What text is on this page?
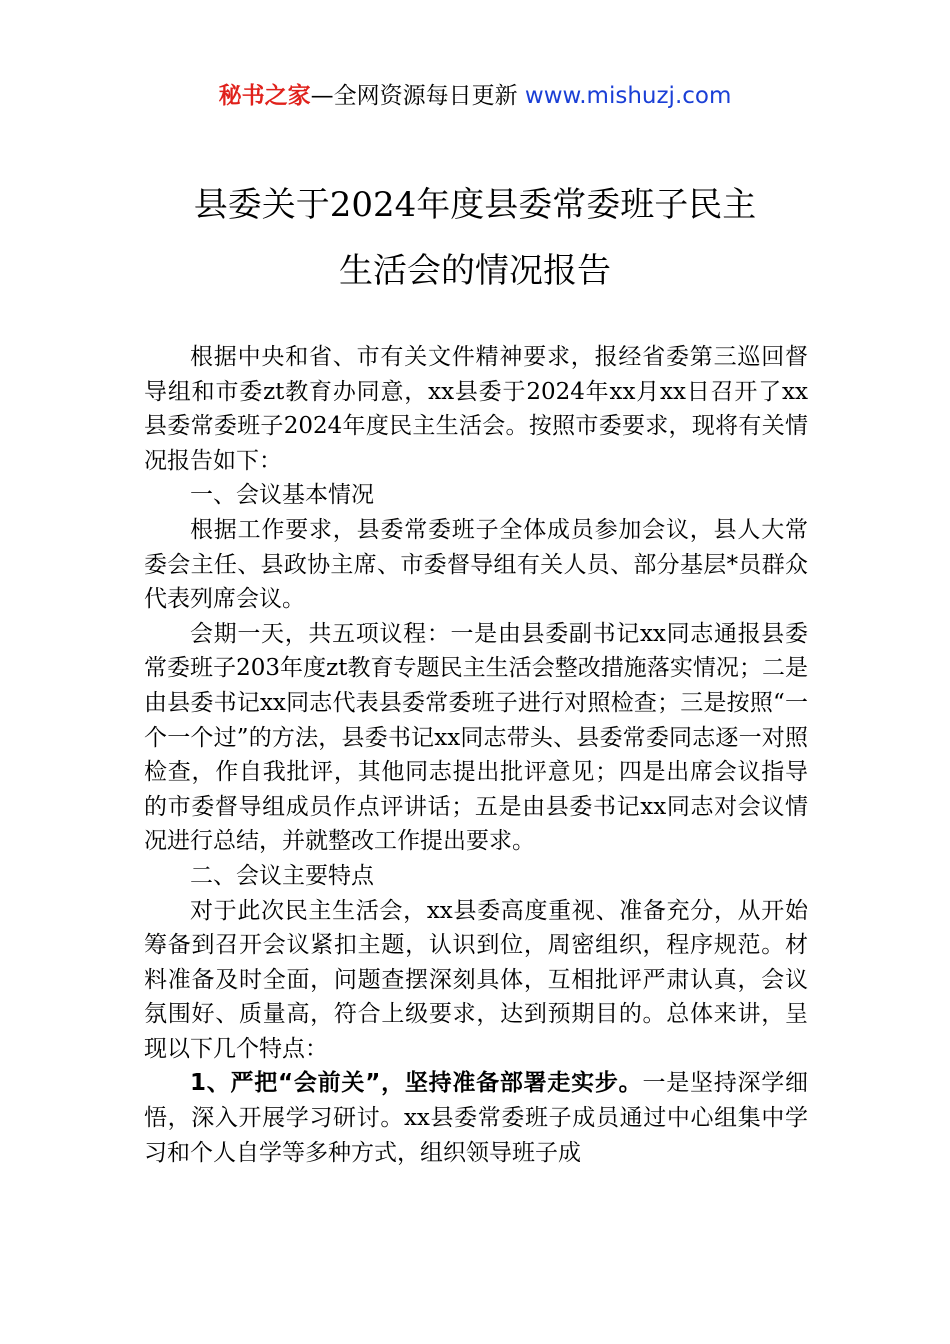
秘书之家—全网资源每日更新 www.mishuzj.com
县委关于2024年度县委常委班子民主
生活会的情况报告

根据中央和省、市有关文件精神要求，报经省委第三巡回督导组和市委zt教育办同意，xx县委于2024年xx月xx日召开了xx县委常委班子2024年度民主生活会。按照市委要求，现将有关情况报告如下：

一、会议基本情况

根据工作要求，县委常委班子全体成员参加会议，县人大常委会主任、县政协主席、市委督导组有关人员、部分基层*员群众代表列席会议。

会期一天，共五项议程：一是由县委副书记xx同志通报县委常委班子203年度zt教育专题民主生活会整改措施落实情况；二是由县委书记xx同志代表县委常委班子进行对照检查；三是按照“一个一个过”的方法，县委书记xx同志带头、县委常委同志逐一对照检查，作自我批评，其他同志提出批评意见；四是出席会议指导的市委督导组成员作点评讲话；五是由县委书记xx同志对会议情况进行总结，并就整改工作提出要求。

二、会议主要特点

对于此次民主生活会，xx县委高度重视、准备充分，从开始筹备到召开会议紧扣主题，认识到位，周密组织，程序规范。材料准备及时全面，问题查摆深刻具体，互相批评严肃认真，会议氛围好、质量高，符合上级要求，达到预期目的。总体来讲，呈现以下几个特点：

1、严把“会前关”，坚持准备部署走实步。一是坚持深学细悟，深入开展学习研讨。xx县委常委班子成员通过中心组集中学习和个人自学等多种方式，组织领导班子成
